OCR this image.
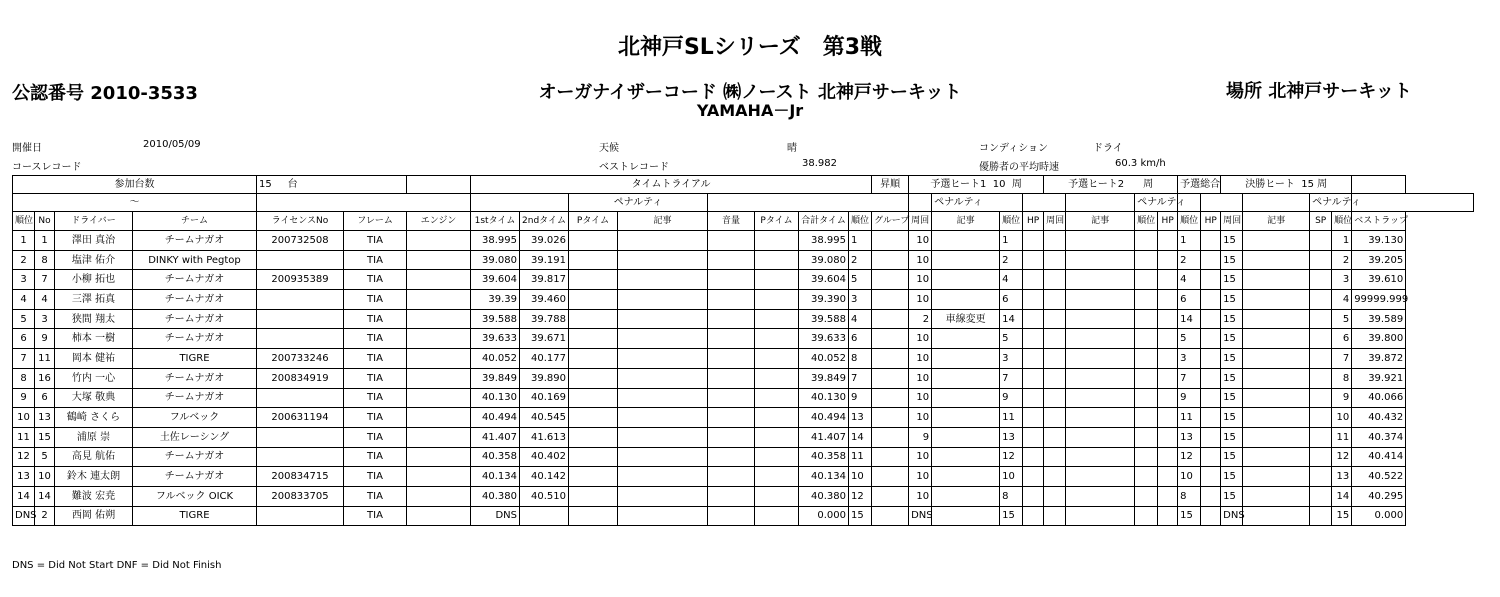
北神戸SLシリーズ　第3戦
公認番号 2010-3533	オーガナイザーコード ㈱ノースト 北神戸サーキット
YAMAHA－Jr
場所 北神戸サーキット
開催日	2010/05/09	天候	晴	コンディション	ドライ
コースレコード	ベストレコード	38.982	優勝者の平均時速	60.3 km/h
参加台数				15 台			タイムトライアル								昇順	予選ヒート1 10 周				予選ヒート2 周				予選総合		決勝ヒート 15 周				
～									ペナルティ								ペナルティ					ペナルティ						ペナルティ		
順位	No	ドライバー	チーム	ライセンスNo	フレーム	エンジン	1stタイム	2ndタイム	Pタイム	記事	音量	Pタイム	合計タイム	順位	グループ	周回	記事	順位	HP	周回	記事	順位	HP	順位	HP	周回	記事	SP	順位	ベストラップ
1	1	澤田 真治	チームナガオ	200732508	TIA		38.995	39.026					38.995	1		10		1						1		15			1	39.130
2	8	塩津 佑介	DINKY with Pegtop		TIA		39.080	39.191					39.080	2		10		2						2		15			2	39.205
3	7	小柳 拓也	チームナガオ	200935389	TIA		39.604	39.817					39.604	5		10		4						4		15			3	39.610
4	4	三澤 拓真	チームナガオ		TIA		39.39	39.460					39.390	3		10		6						6		15			4	99999.999
5	3	狭間 翔太	チームナガオ		TIA		39.588	39.788					39.588	4		2	車線変更	14						14		15			5	39.589
6	9	柿本 一樹	チームナガオ		TIA		39.633	39.671					39.633	6		10		5						5		15			6	39.800
7	11	岡本 健祐	TIGRE	200733246	TIA		40.052	40.177					40.052	8		10		3						3		15			7	39.872
8	16	竹内 一心	チームナガオ	200834919	TIA		39.849	39.890					39.849	7		10		7						7		15			8	39.921
9	6	大塚 敬典	チームナガオ		TIA		40.130	40.169					40.130	9		10		9						9		15			9	40.066
10	13	鶴崎 さくら	フルベック	200631194	TIA		40.494	40.545					40.494	13		10		11						11		15			10	40.432
11	15	浦原 崇	土佐レーシング		TIA		41.407	41.613					41.407	14		9		13						13		15			11	40.374
12	5	高見 航佑	チームナガオ		TIA		40.358	40.402					40.358	11		10		12						12		15			12	40.414
13	10	鈴木 連太朗	チームナガオ	200834715	TIA		40.134	40.142					40.134	10		10		10						10		15			13	40.522
14	14	難波 宏尭	フルベック OICK	200833705	TIA		40.380	40.510					40.380	12		10		8						8		15			14	40.295
DNS	2	西岡 佑朔	TIGRE		TIA		DNS						0.000	15		DNS		15						15		DNS			15	0.000
DNS = Did Not Start DNF = Did Not Finish
